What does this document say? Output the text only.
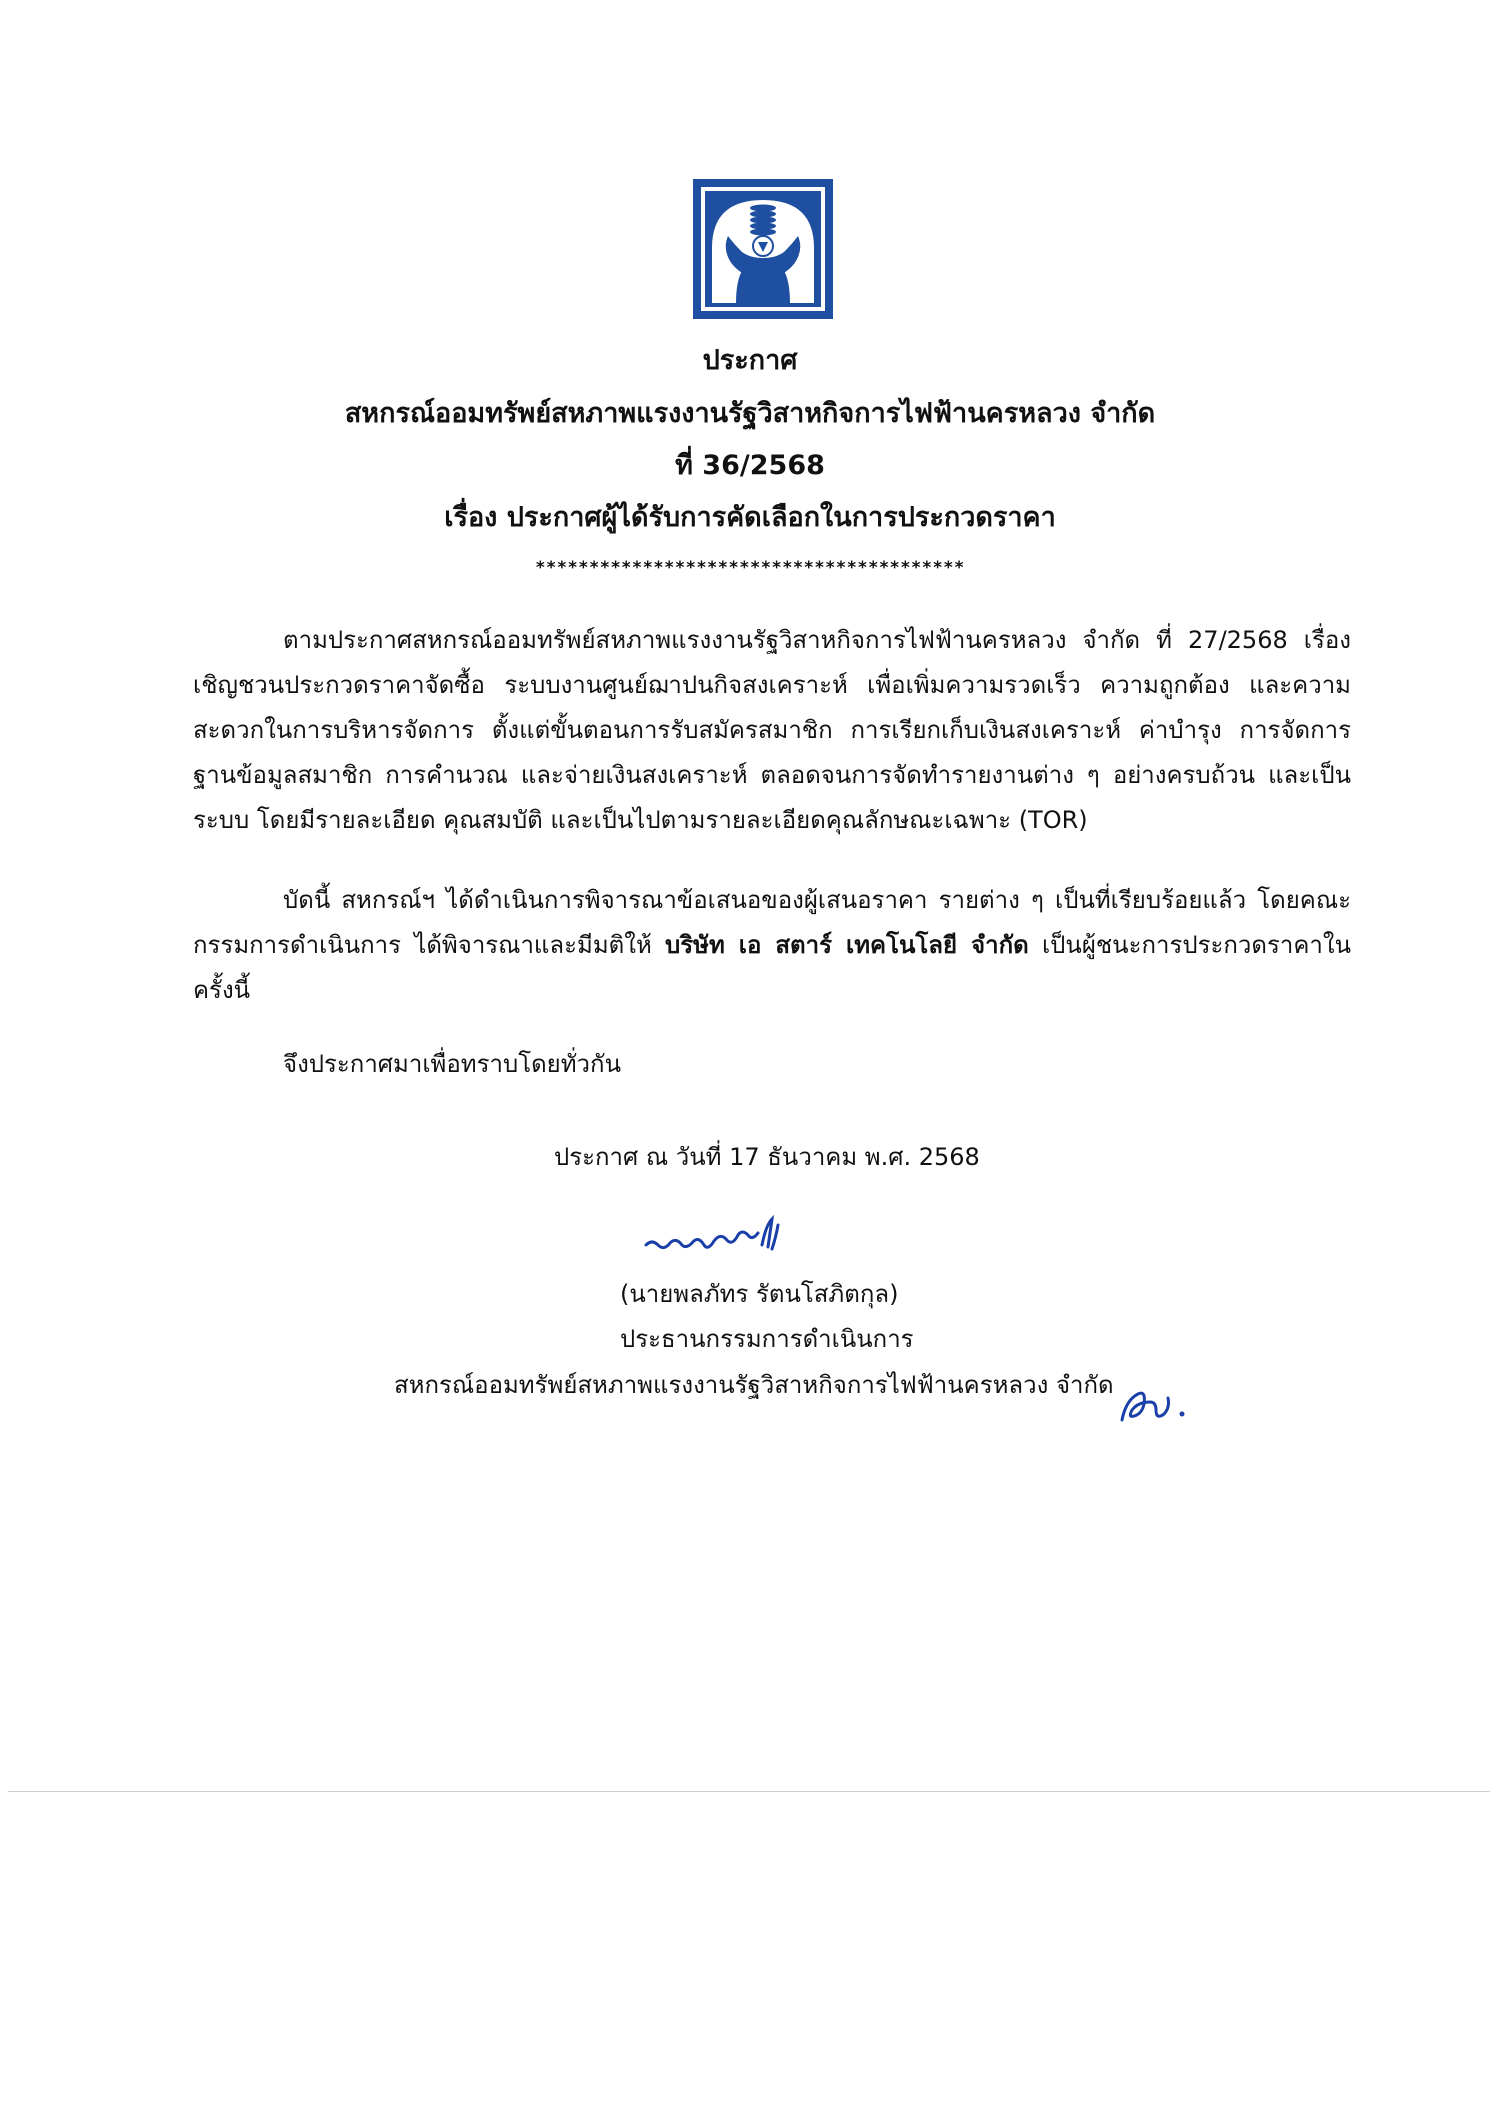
ประกาศ
สหกรณ์ออมทรัพย์สหภาพแรงงานรัฐวิสาหกิจการไฟฟ้านครหลวง จำกัด
ที่ 36/2568
เรื่อง ประกาศผู้ได้รับการคัดเลือกในการประกวดราคา
****************************************

ตามประกาศสหกรณ์ออมทรัพย์สหภาพแรงงานรัฐวิสาหกิจการไฟฟ้านครหลวง จำกัด ที่ 27/2568 เรื่อง เชิญชวนประกวดราคาจัดซื้อ ระบบงานศูนย์ฌาปนกิจสงเคราะห์ เพื่อเพิ่มความรวดเร็ว ความถูกต้อง และความสะดวกในการบริหารจัดการ ตั้งแต่ขั้นตอนการรับสมัครสมาชิก การเรียกเก็บเงินสงเคราะห์ ค่าบำรุง การจัดการฐานข้อมูลสมาชิก การคำนวณ และจ่ายเงินสงเคราะห์ ตลอดจนการจัดทำรายงานต่าง ๆ อย่างครบถ้วน และเป็นระบบ โดยมีรายละเอียด คุณสมบัติ และเป็นไปตามรายละเอียดคุณลักษณะเฉพาะ (TOR)

บัดนี้ สหกรณ์ฯ ได้ดำเนินการพิจารณาข้อเสนอของผู้เสนอราคา รายต่าง ๆ เป็นที่เรียบร้อยแล้ว โดยคณะกรรมการดำเนินการ ได้พิจารณาและมีมติให้ บริษัท เอ สตาร์ เทคโนโลยี จำกัด เป็นผู้ชนะการประกวดราคาในครั้งนี้

จึงประกาศมาเพื่อทราบโดยทั่วกัน

ประกาศ ณ วันที่ 17 ธันวาคม พ.ศ. 2568
(นายพลภัทร รัตนโสภิตกุล)
ประธานกรรมการดำเนินการ
สหกรณ์ออมทรัพย์สหภาพแรงงานรัฐวิสาหกิจการไฟฟ้านครหลวง จำกัด
